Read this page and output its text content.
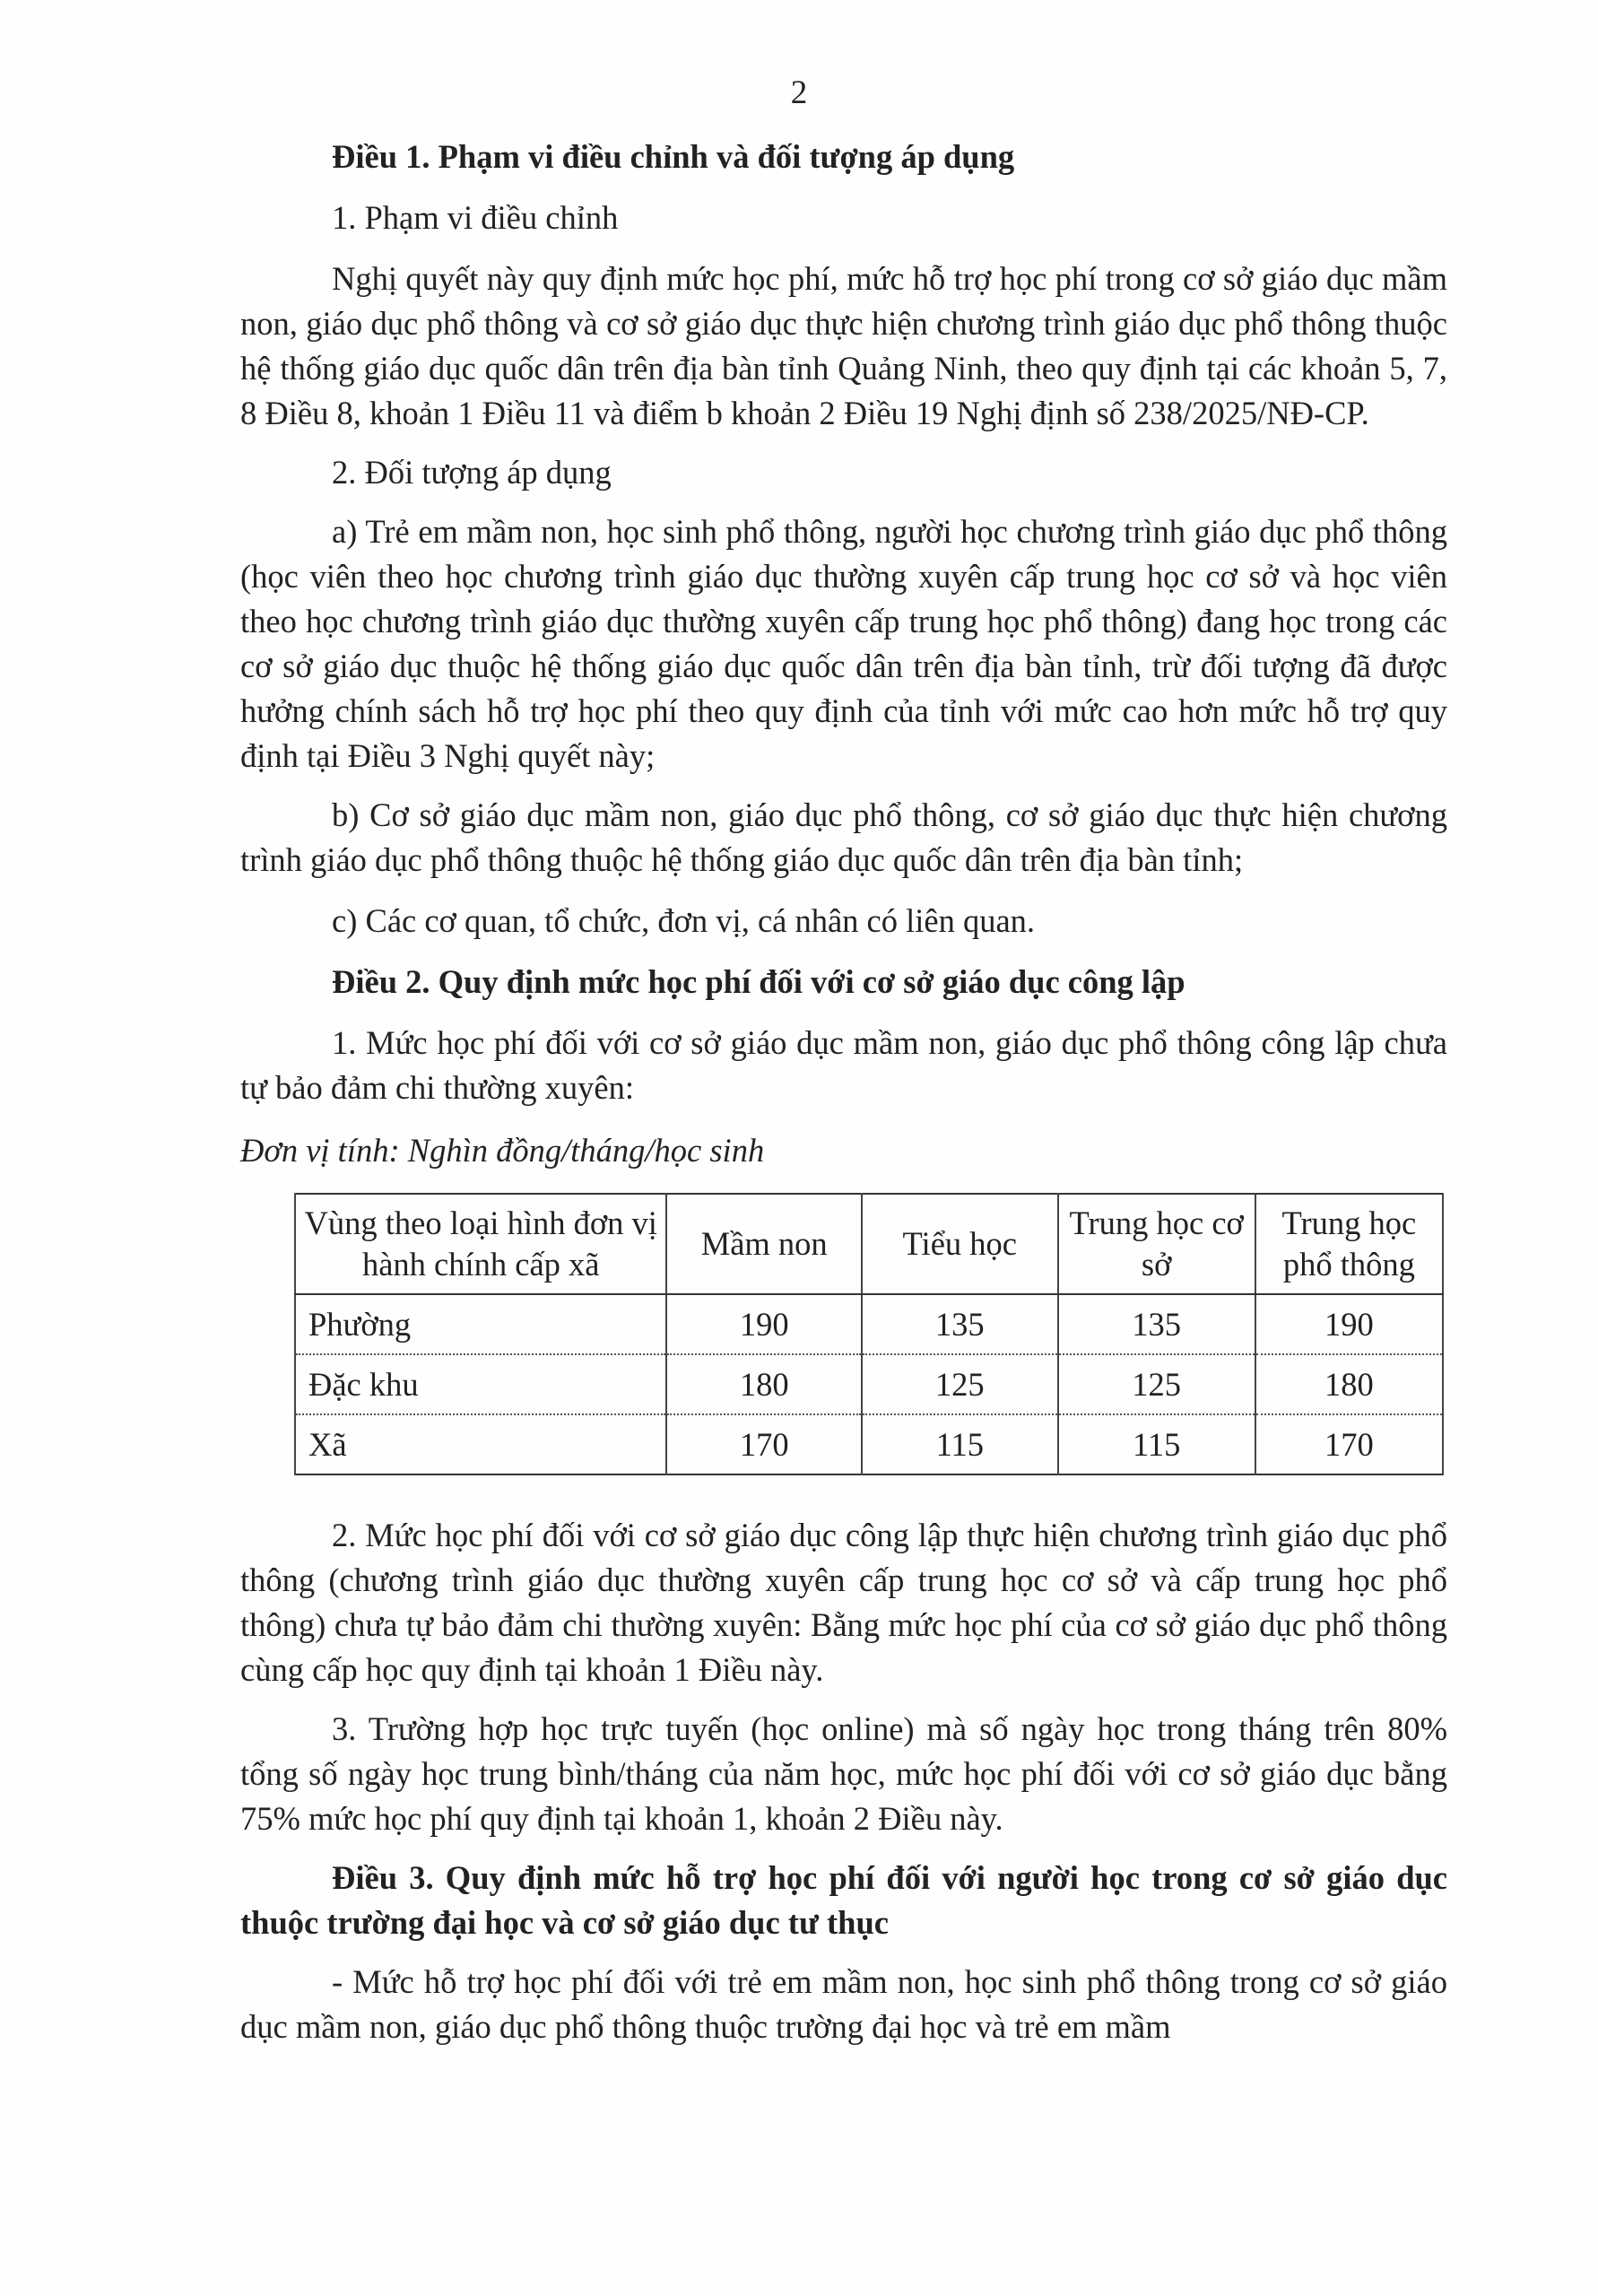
2

Điều 1. Phạm vi điều chỉnh và đối tượng áp dụng

1. Phạm vi điều chỉnh

Nghị quyết này quy định mức học phí, mức hỗ trợ học phí trong cơ sở giáo dục mầm non, giáo dục phổ thông và cơ sở giáo dục thực hiện chương trình giáo dục phổ thông thuộc hệ thống giáo dục quốc dân trên địa bàn tỉnh Quảng Ninh, theo quy định tại các khoản 5, 7, 8 Điều 8, khoản 1 Điều 11 và điểm b khoản 2 Điều 19 Nghị định số 238/2025/NĐ-CP.

2. Đối tượng áp dụng

a) Trẻ em mầm non, học sinh phổ thông, người học chương trình giáo dục phổ thông (học viên theo học chương trình giáo dục thường xuyên cấp trung học cơ sở và học viên theo học chương trình giáo dục thường xuyên cấp trung học phổ thông) đang học trong các cơ sở giáo dục thuộc hệ thống giáo dục quốc dân trên địa bàn tỉnh, trừ đối tượng đã được hưởng chính sách hỗ trợ học phí theo quy định của tỉnh với mức cao hơn mức hỗ trợ quy định tại Điều 3 Nghị quyết này;

b) Cơ sở giáo dục mầm non, giáo dục phổ thông, cơ sở giáo dục thực hiện chương trình giáo dục phổ thông thuộc hệ thống giáo dục quốc dân trên địa bàn tỉnh;

c) Các cơ quan, tổ chức, đơn vị, cá nhân có liên quan.

Điều 2. Quy định mức học phí đối với cơ sở giáo dục công lập

1. Mức học phí đối với cơ sở giáo dục mầm non, giáo dục phổ thông công lập chưa tự bảo đảm chi thường xuyên:

Đơn vị tính: Nghìn đồng/tháng/học sinh

Vùng theo loại hình đơn vị hành chính cấp xã	Mầm non	Tiểu học	Trung học cơ sở	Trung học phổ thông
Phường	190	135	135	190
Đặc khu	180	125	125	180
Xã	170	115	115	170

2. Mức học phí đối với cơ sở giáo dục công lập thực hiện chương trình giáo dục phổ thông (chương trình giáo dục thường xuyên cấp trung học cơ sở và cấp trung học phổ thông) chưa tự bảo đảm chi thường xuyên: Bằng mức học phí của cơ sở giáo dục phổ thông cùng cấp học quy định tại khoản 1 Điều này.

3. Trường hợp học trực tuyến (học online) mà số ngày học trong tháng trên 80% tổng số ngày học trung bình/tháng của năm học, mức học phí đối với cơ sở giáo dục bằng 75% mức học phí quy định tại khoản 1, khoản 2 Điều này.

Điều 3. Quy định mức hỗ trợ học phí đối với người học trong cơ sở giáo dục thuộc trường đại học và cơ sở giáo dục tư thục

- Mức hỗ trợ học phí đối với trẻ em mầm non, học sinh phổ thông trong cơ sở giáo dục mầm non, giáo dục phổ thông thuộc trường đại học và trẻ em mầm
